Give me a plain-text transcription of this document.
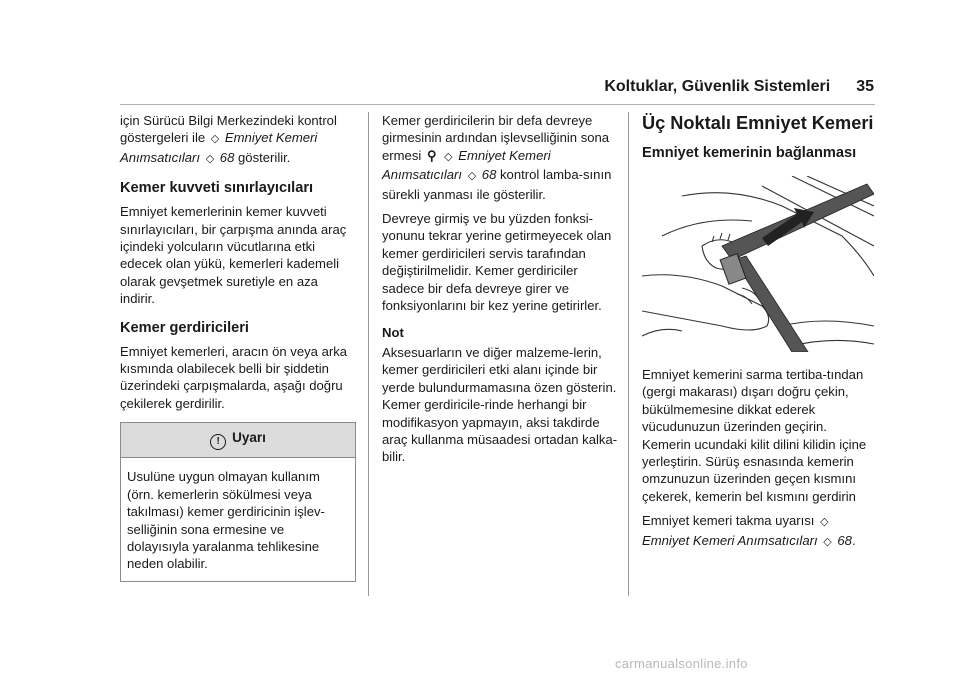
Koltuklar, Güvenlik Sistemleri 35

için Sürücü Bilgi Merkezindeki kontrol göstergeleri ile ◇ Emniyet Kemeri Anımsatıcıları ◇ 68 gösterilir.

Kemer kuvveti sınırlayıcıları

Emniyet kemerlerinin kemer kuvveti sınırlayıcıları, bir çarpışma anında araç içindeki yolcuların vücutlarına etki edecek olan yükü, kemerleri kademeli olarak gevşetmek suretiyle en aza indirir.

Kemer gerdiricileri

Emniyet kemerleri, aracın ön veya arka kısmında olabilecek belli bir şiddetin üzerindeki çarpışmalarda, aşağı doğru çekilerek gerdirilir.

! Uyarı
Usulüne uygun olmayan kullanım (örn. kemerlerin sökülmesi veya takılması) kemer gerdiricinin işlev-selliğinin sona ermesine ve dolayısıyla yaralanma tehlikesine neden olabilir.

Kemer gerdiricilerin bir defa devreye girmesinin ardından işlevselliğinin sona ermesi ⚲ ◇ Emniyet Kemeri Anımsatıcıları ◇ 68 kontrol lamba-sının sürekli yanması ile gösterilir.

Devreye girmiş ve bu yüzden fonksi-yonunu tekrar yerine getirmeyecek olan kemer gerdiricileri servis tarafından değiştirilmelidir. Kemer gerdiriciler sadece bir defa devreye girer ve fonksiyonlarını bir kez yerine getirirler.

Not

Aksesuarların ve diğer malzeme-lerin, kemer gerdiricileri etki alanı içinde bir yerde bulundurmamasına özen gösterin. Kemer gerdiricile-rinde herhangi bir modifikasyon yapmayın, aksi takdirde araç kullanma müsaadesi ortadan kalka-bilir.

Üç Noktalı Emniyet Kemeri
Emniyet kemerinin bağlanması

Emniyet kemerini sarma tertiba-tından (gergi makarası) dışarı doğru çekin, bükülmemesine dikkat ederek vücudunuzun üzerinden geçirin. Kemerin ucundaki kilit dilini kilidin içine yerleştirin. Sürüş esnasında kemerin omzunuzun üzerinden geçen kısmını çekerek, kemerin bel kısmını gerdirin

Emniyet kemeri takma uyarısı ◇
Emniyet Kemeri Anımsatıcıları ◇ 68.

carmanualsonline.info
